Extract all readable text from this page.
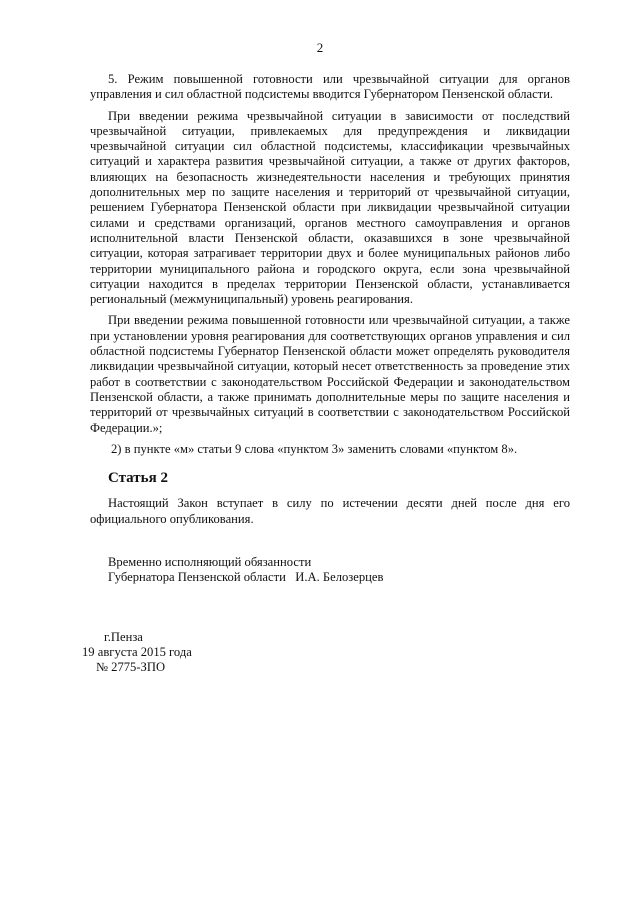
2

5. Режим повышенной готовности или чрезвычайной ситуации для органов управления и сил областной подсистемы вводится Губернатором Пензенской области.

При введении режима чрезвычайной ситуации в зависимости от последствий чрезвычайной ситуации, привлекаемых для предупреждения и ликвидации чрезвычайной ситуации сил областной подсистемы, классификации чрезвычайных ситуаций и характера развития чрезвычайной ситуации, а также от других факторов, влияющих на безопасность жизнедеятельности населения и требующих принятия дополнительных мер по защите населения и территорий от чрезвычайной ситуации, решением Губернатора Пензенской области при ликвидации чрезвычайной ситуации силами и средствами организаций, органов местного самоуправления и органов исполнительной власти Пензенской области, оказавшихся в зоне чрезвычайной ситуации, которая затрагивает территории двух и более муниципальных районов либо территории муниципального района и городского округа, если зона чрезвычайной ситуации находится в пределах территории Пензенской области, устанавливается региональный (межмуниципальный) уровень реагирования.

При введении режима повышенной готовности или чрезвычайной ситуации, а также при установлении уровня реагирования для соответствующих органов управления и сил областной подсистемы Губернатор Пензенской области может определять руководителя ликвидации чрезвычайной ситуации, который несет ответственность за проведение этих работ в соответствии с законодательством Российской Федерации и законодательством Пензенской области, а также принимать дополнительные меры по защите населения и территорий от чрезвычайных ситуаций в соответствии с законодательством Российской Федерации.»;

2) в пункте «м» статьи 9 слова «пунктом 3» заменить словами «пунктом 8».

Статья 2

Настоящий Закон вступает в силу по истечении десяти дней после дня его официального опубликования.

Временно исполняющий обязанности
Губернатора Пензенской области   И.А. Белозерцев
г.Пенза
19 августа 2015 года
№ 2775-ЗПО
